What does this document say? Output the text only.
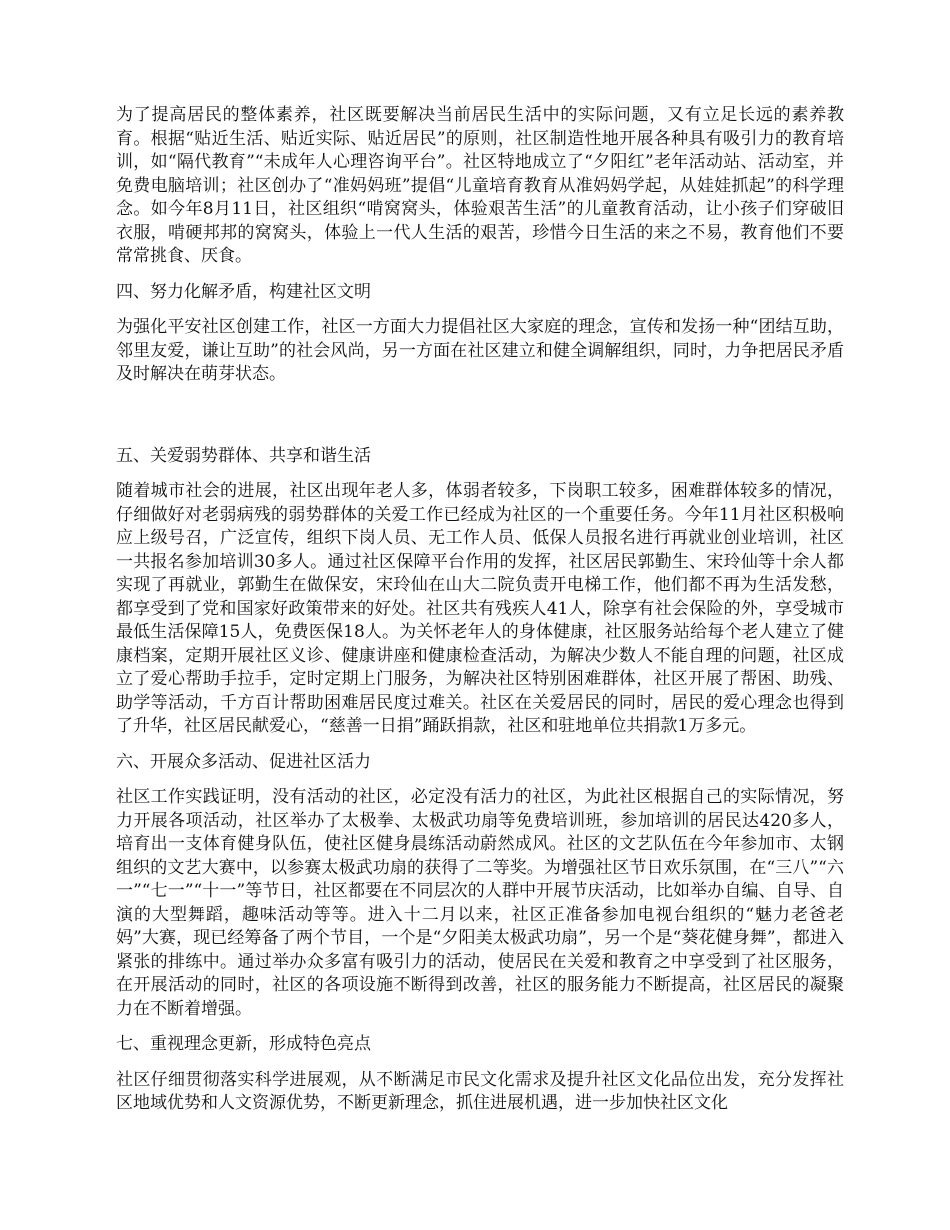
为了提高居民的整体素养，社区既要解决当前居民生活中的实际问题，又有立足长远的素养教育。根据“贴近生活、贴近实际、贴近居民”的原则，社区制造性地开展各种具有吸引力的教育培训，如“隔代教育”“未成年人心理咨询平台”。社区特地成立了“夕阳红”老年活动站、活动室，并免费电脑培训；社区创办了“准妈妈班”提倡“儿童培育教育从准妈妈学起，从娃娃抓起”的科学理念。如今年8月11日，社区组织“啃窝窝头，体验艰苦生活”的儿童教育活动，让小孩子们穿破旧衣服，啃硬邦邦的窝窝头，体验上一代人生活的艰苦，珍惜今日生活的来之不易，教育他们不要常常挑食、厌食。

四、努力化解矛盾，构建社区文明

为强化平安社区创建工作，社区一方面大力提倡社区大家庭的理念，宣传和发扬一种“团结互助，邻里友爱，谦让互助”的社会风尚，另一方面在社区建立和健全调解组织，同时，力争把居民矛盾及时解决在萌芽状态。

五、关爱弱势群体、共享和谐生活

随着城市社会的进展，社区出现年老人多，体弱者较多，下岗职工较多，困难群体较多的情况，仔细做好对老弱病残的弱势群体的关爱工作已经成为社区的一个重要任务。今年11月社区积极响应上级号召，广泛宣传，组织下岗人员、无工作人员、低保人员报名进行再就业创业培训，社区一共报名参加培训30多人。通过社区保障平台作用的发挥，社区居民郭勤生、宋玲仙等十余人都实现了再就业，郭勤生在做保安，宋玲仙在山大二院负责开电梯工作，他们都不再为生活发愁，都享受到了党和国家好政策带来的好处。社区共有残疾人41人，除享有社会保险的外，享受城市最低生活保障15人，免费医保18人。为关怀老年人的身体健康，社区服务站给每个老人建立了健康档案，定期开展社区义诊、健康讲座和健康检查活动，为解决少数人不能自理的问题，社区成立了爱心帮助手拉手，定时定期上门服务，为解决社区特别困难群体，社区开展了帮困、助残、助学等活动，千方百计帮助困难居民度过难关。社区在关爱居民的同时，居民的爱心理念也得到了升华，社区居民献爱心，“慈善一日捐”踊跃捐款，社区和驻地单位共捐款1万多元。

六、开展众多活动、促进社区活力

社区工作实践证明，没有活动的社区，必定没有活力的社区，为此社区根据自己的实际情况，努力开展各项活动，社区举办了太极拳、太极武功扇等免费培训班，参加培训的居民达420多人，培育出一支体育健身队伍，使社区健身晨练活动蔚然成风。社区的文艺队伍在今年参加市、太钢组织的文艺大赛中，以参赛太极武功扇的获得了二等奖。为增强社区节日欢乐氛围，在“三八”“六一”“七一”“十一”等节日，社区都要在不同层次的人群中开展节庆活动，比如举办自编、自导、自演的大型舞蹈，趣味活动等等。进入十二月以来，社区正准备参加电视台组织的“魅力老爸老妈”大赛，现已经筹备了两个节目，一个是“夕阳美太极武功扇”，另一个是“葵花健身舞”，都进入紧张的排练中。通过举办众多富有吸引力的活动，使居民在关爱和教育之中享受到了社区服务，在开展活动的同时，社区的各项设施不断得到改善，社区的服务能力不断提高，社区居民的凝聚力在不断着增强。

七、重视理念更新，形成特色亮点

社区仔细贯彻落实科学进展观，从不断满足市民文化需求及提升社区文化品位出发，充分发挥社区地域优势和人文资源优势，不断更新理念，抓住进展机遇，进一步加快社区文化
